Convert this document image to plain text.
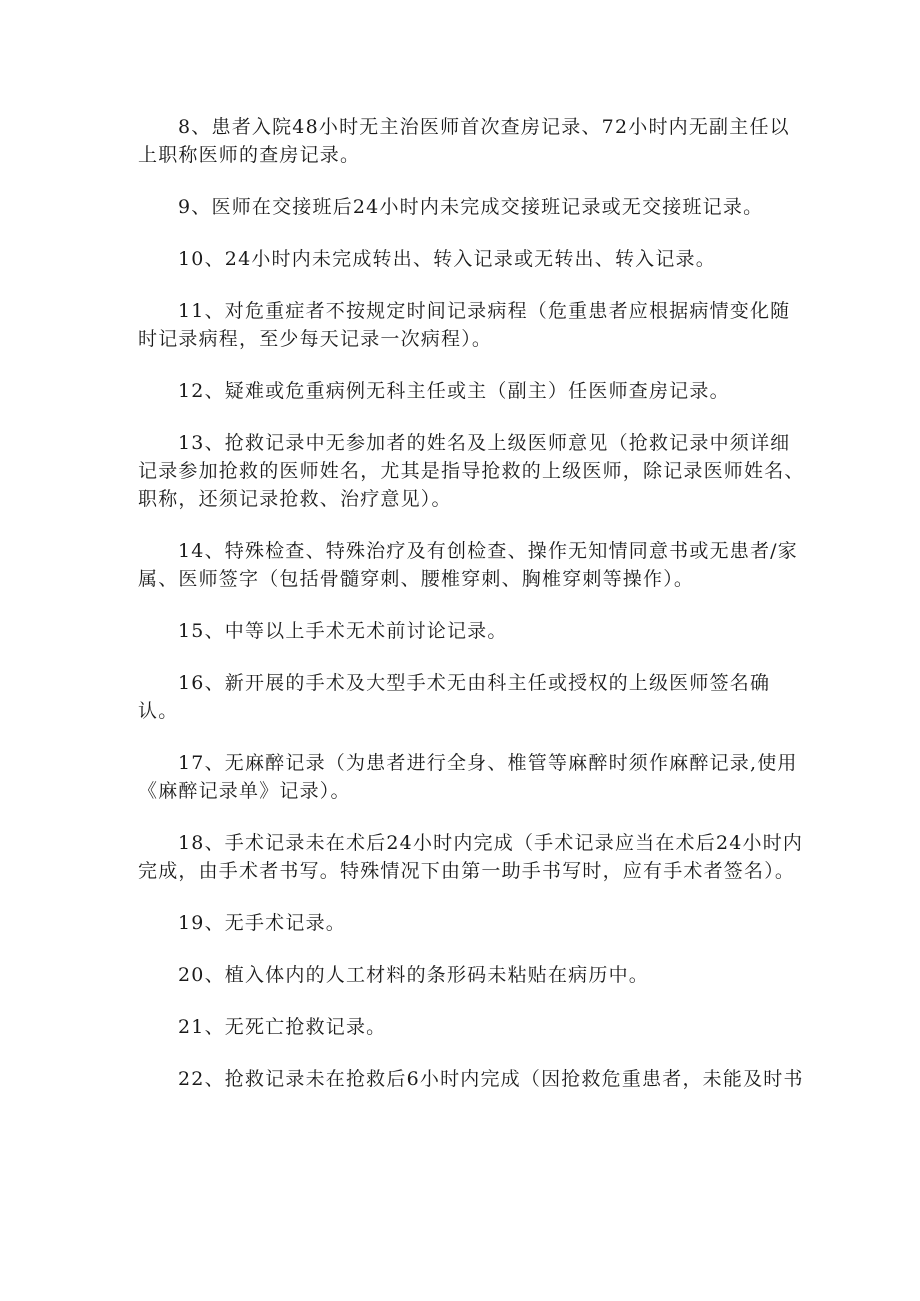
8、患者入院48小时无主治医师首次查房记录、72小时内无副主任以上职称医师的查房记录。

9、医师在交接班后24小时内未完成交接班记录或无交接班记录。

10、24小时内未完成转出、转入记录或无转出、转入记录。

11、对危重症者不按规定时间记录病程（危重患者应根据病情变化随时记录病程，至少每天记录一次病程）。

12、疑难或危重病例无科主任或主（副主）任医师查房记录。

13、抢救记录中无参加者的姓名及上级医师意见（抢救记录中须详细记录参加抢救的医师姓名，尤其是指导抢救的上级医师，除记录医师姓名、职称，还须记录抢救、治疗意见）。

14、特殊检查、特殊治疗及有创检查、操作无知情同意书或无患者/家属、医师签字（包括骨髓穿刺、腰椎穿刺、胸椎穿刺等操作）。

15、中等以上手术无术前讨论记录。

16、新开展的手术及大型手术无由科主任或授权的上级医师签名确认。

17、无麻醉记录（为患者进行全身、椎管等麻醉时须作麻醉记录,使用《麻醉记录单》记录）。

18、手术记录未在术后24小时内完成（手术记录应当在术后24小时内完成，由手术者书写。特殊情况下由第一助手书写时，应有手术者签名）。

19、无手术记录。

20、植入体内的人工材料的条形码未粘贴在病历中。

21、无死亡抢救记录。

22、抢救记录未在抢救后6小时内完成（因抢救危重患者，未能及时书
